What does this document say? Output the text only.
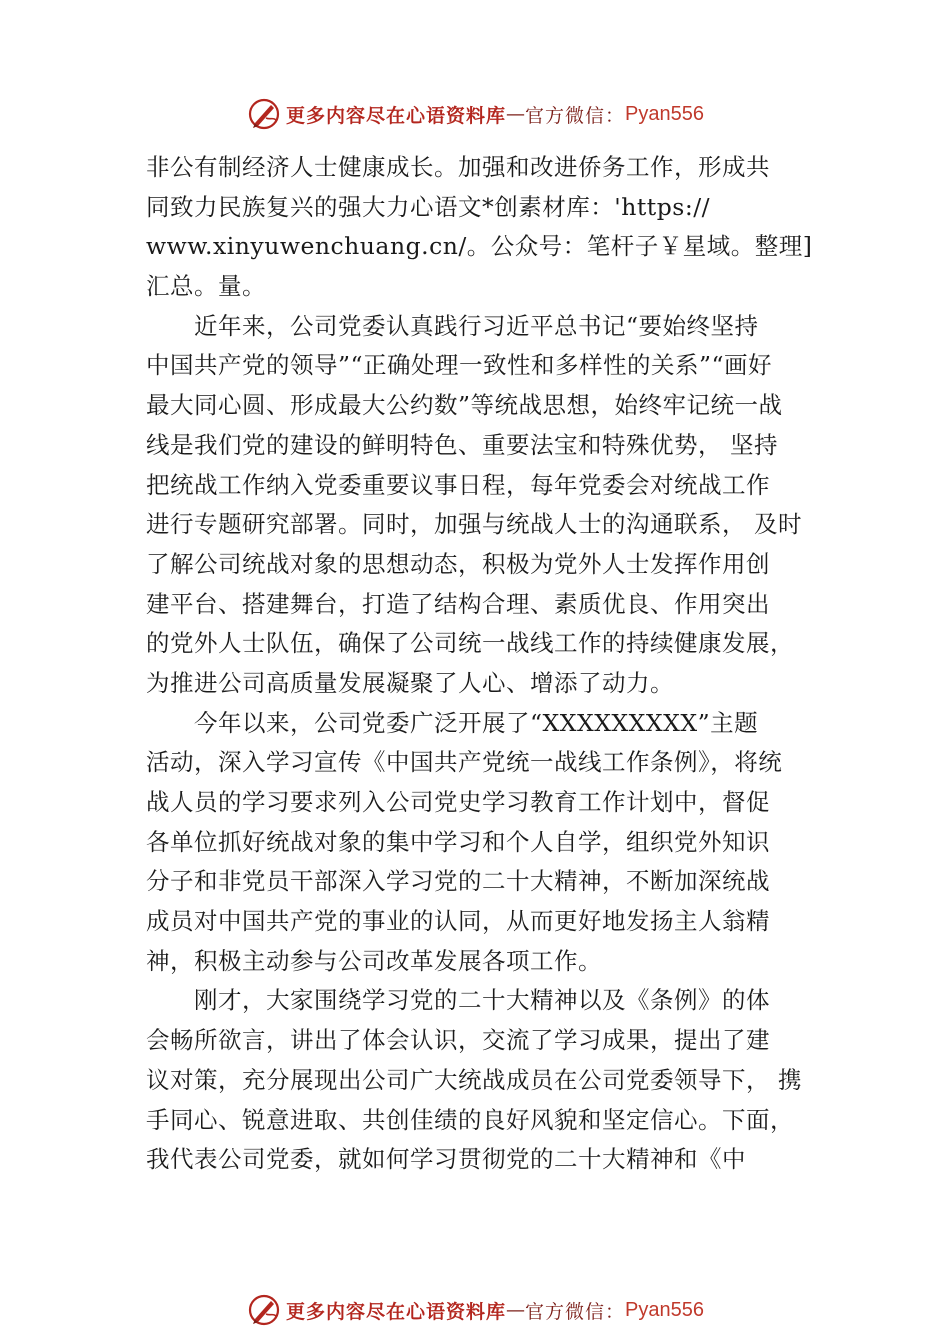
更多内容尽在心语资料库 — 官方微信： Pyan556
非公有制经济人士健康成长。加强和改进侨务工作，形成共
同致力民族复兴的强大力心语文*创素材库：'https://
www.xinyuwenchuang.cn/。公众号：笔杆子￥星域。整理]
汇总。量。
　　近年来，公司党委认真践行习近平总书记“要始终坚持
中国共产党的领导”“正确处理一致性和多样性的关系”“画好
最大同心圆、形成最大公约数”等统战思想，始终牢记统一战
线是我们党的建设的鲜明特色、重要法宝和特殊优势， 坚持
把统战工作纳入党委重要议事日程，每年党委会对统战工作
进行专题研究部署。同时，加强与统战人士的沟通联系， 及时
了解公司统战对象的思想动态，积极为党外人士发挥作用创
建平台、搭建舞台，打造了结构合理、素质优良、作用突出
的党外人士队伍，确保了公司统一战线工作的持续健康发展，
为推进公司高质量发展凝聚了人心、增添了动力。
　　今年以来，公司党委广泛开展了“XXXXXXXXX”主题
活动，深入学习宣传《中国共产党统一战线工作条例》，将统
战人员的学习要求列入公司党史学习教育工作计划中，督促
各单位抓好统战对象的集中学习和个人自学，组织党外知识
分子和非党员干部深入学习党的二十大精神，不断加深统战
成员对中国共产党的事业的认同，从而更好地发扬主人翁精
神，积极主动参与公司改革发展各项工作。
　　刚才，大家围绕学习党的二十大精神以及《条例》的体
会畅所欲言，讲出了体会认识，交流了学习成果，提出了建
议对策，充分展现出公司广大统战成员在公司党委领导下， 携
手同心、锐意进取、共创佳绩的良好风貌和坚定信心。下面，
我代表公司党委，就如何学习贯彻党的二十大精神和《中
更多内容尽在心语资料库 — 官方微信： Pyan556
